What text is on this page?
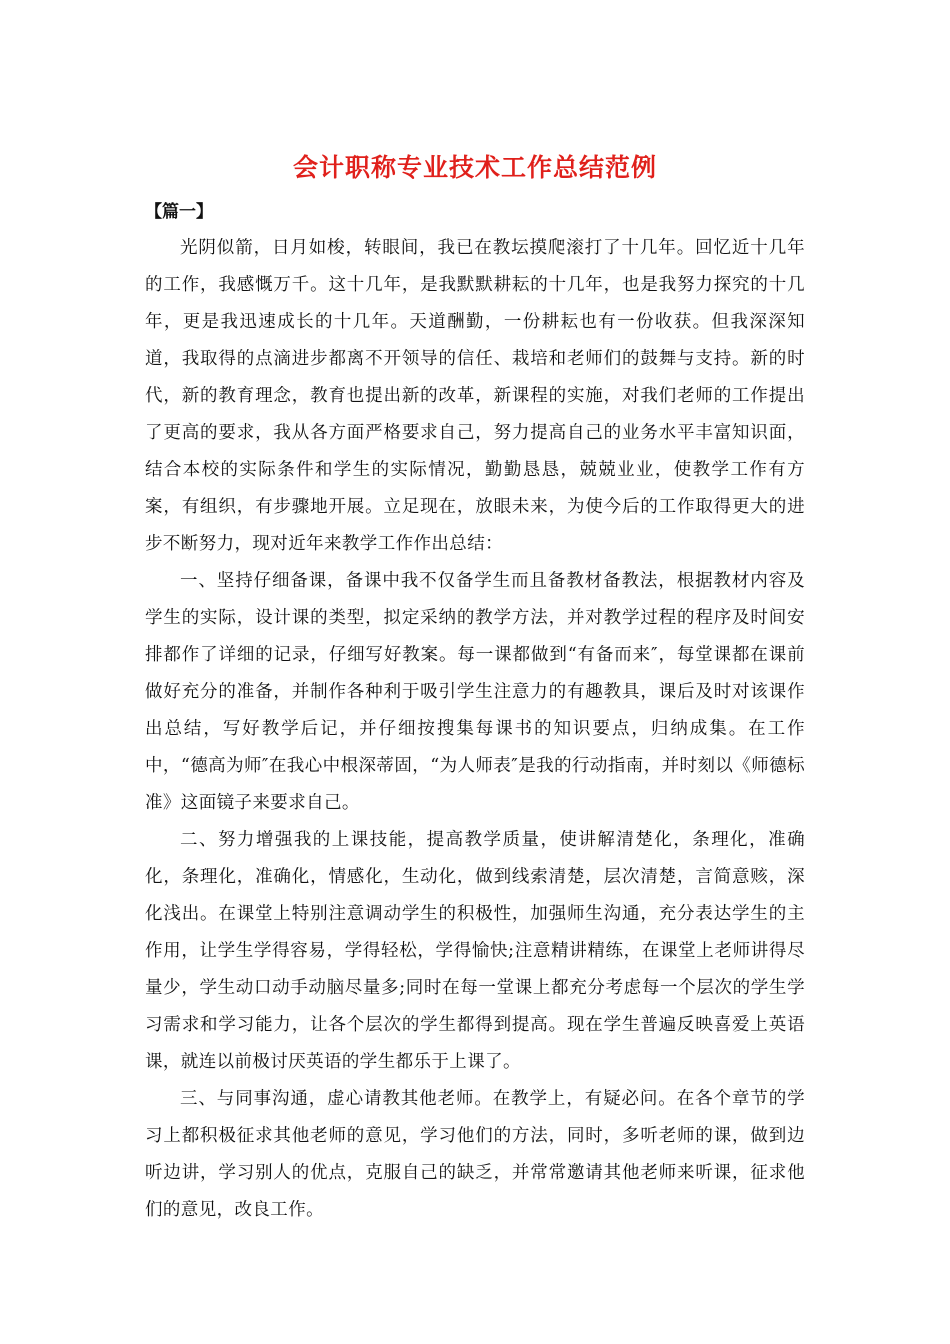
会计职称专业技术工作总结范例
【篇一】

光阴似箭，日月如梭，转眼间，我已在教坛摸爬滚打了十几年。回忆近十几年的工作，我感慨万千。这十几年，是我默默耕耘的十几年，也是我努力探究的十几年，更是我迅速成长的十几年。天道酬勤，一份耕耘也有一份收获。但我深深知道，我取得的点滴进步都离不开领导的信任、栽培和老师们的鼓舞与支持。新的时代，新的教育理念，教育也提出新的改革，新课程的实施，对我们老师的工作提出了更高的要求，我从各方面严格要求自己，努力提高自己的业务水平丰富知识面，结合本校的实际条件和学生的实际情况，勤勤恳恳，兢兢业业，使教学工作有方案，有组织，有步骤地开展。立足现在，放眼未来，为使今后的工作取得更大的进步不断努力，现对近年来教学工作作出总结：

一、坚持仔细备课，备课中我不仅备学生而且备教材备教法，根据教材内容及学生的实际，设计课的类型，拟定采纳的教学方法，并对教学过程的程序及时间安排都作了详细的记录，仔细写好教案。每一课都做到“有备而来″，每堂课都在课前做好充分的准备，并制作各种利于吸引学生注意力的有趣教具，课后及时对该课作出总结，写好教学后记，并仔细按搜集每课书的知识要点，归纳成集。在工作中，“德高为师″在我心中根深蒂固，“为人师表″是我的行动指南，并时刻以《师德标准》这面镜子来要求自己。

二、努力增强我的上课技能，提高教学质量，使讲解清楚化，条理化，准确化，条理化，准确化，情感化，生动化，做到线索清楚，层次清楚，言简意赅，深化浅出。在课堂上特别注意调动学生的积极性，加强师生沟通，充分表达学生的主作用，让学生学得容易，学得轻松，学得愉快;注意精讲精练，在课堂上老师讲得尽量少，学生动口动手动脑尽量多;同时在每一堂课上都充分考虑每一个层次的学生学习需求和学习能力，让各个层次的学生都得到提高。现在学生普遍反映喜爱上英语课，就连以前极讨厌英语的学生都乐于上课了。

三、与同事沟通，虚心请教其他老师。在教学上，有疑必问。在各个章节的学习上都积极征求其他老师的意见，学习他们的方法，同时，多听老师的课，做到边听边讲，学习别人的优点，克服自己的缺乏，并常常邀请其他老师来听课，征求他们的意见，改良工作。
